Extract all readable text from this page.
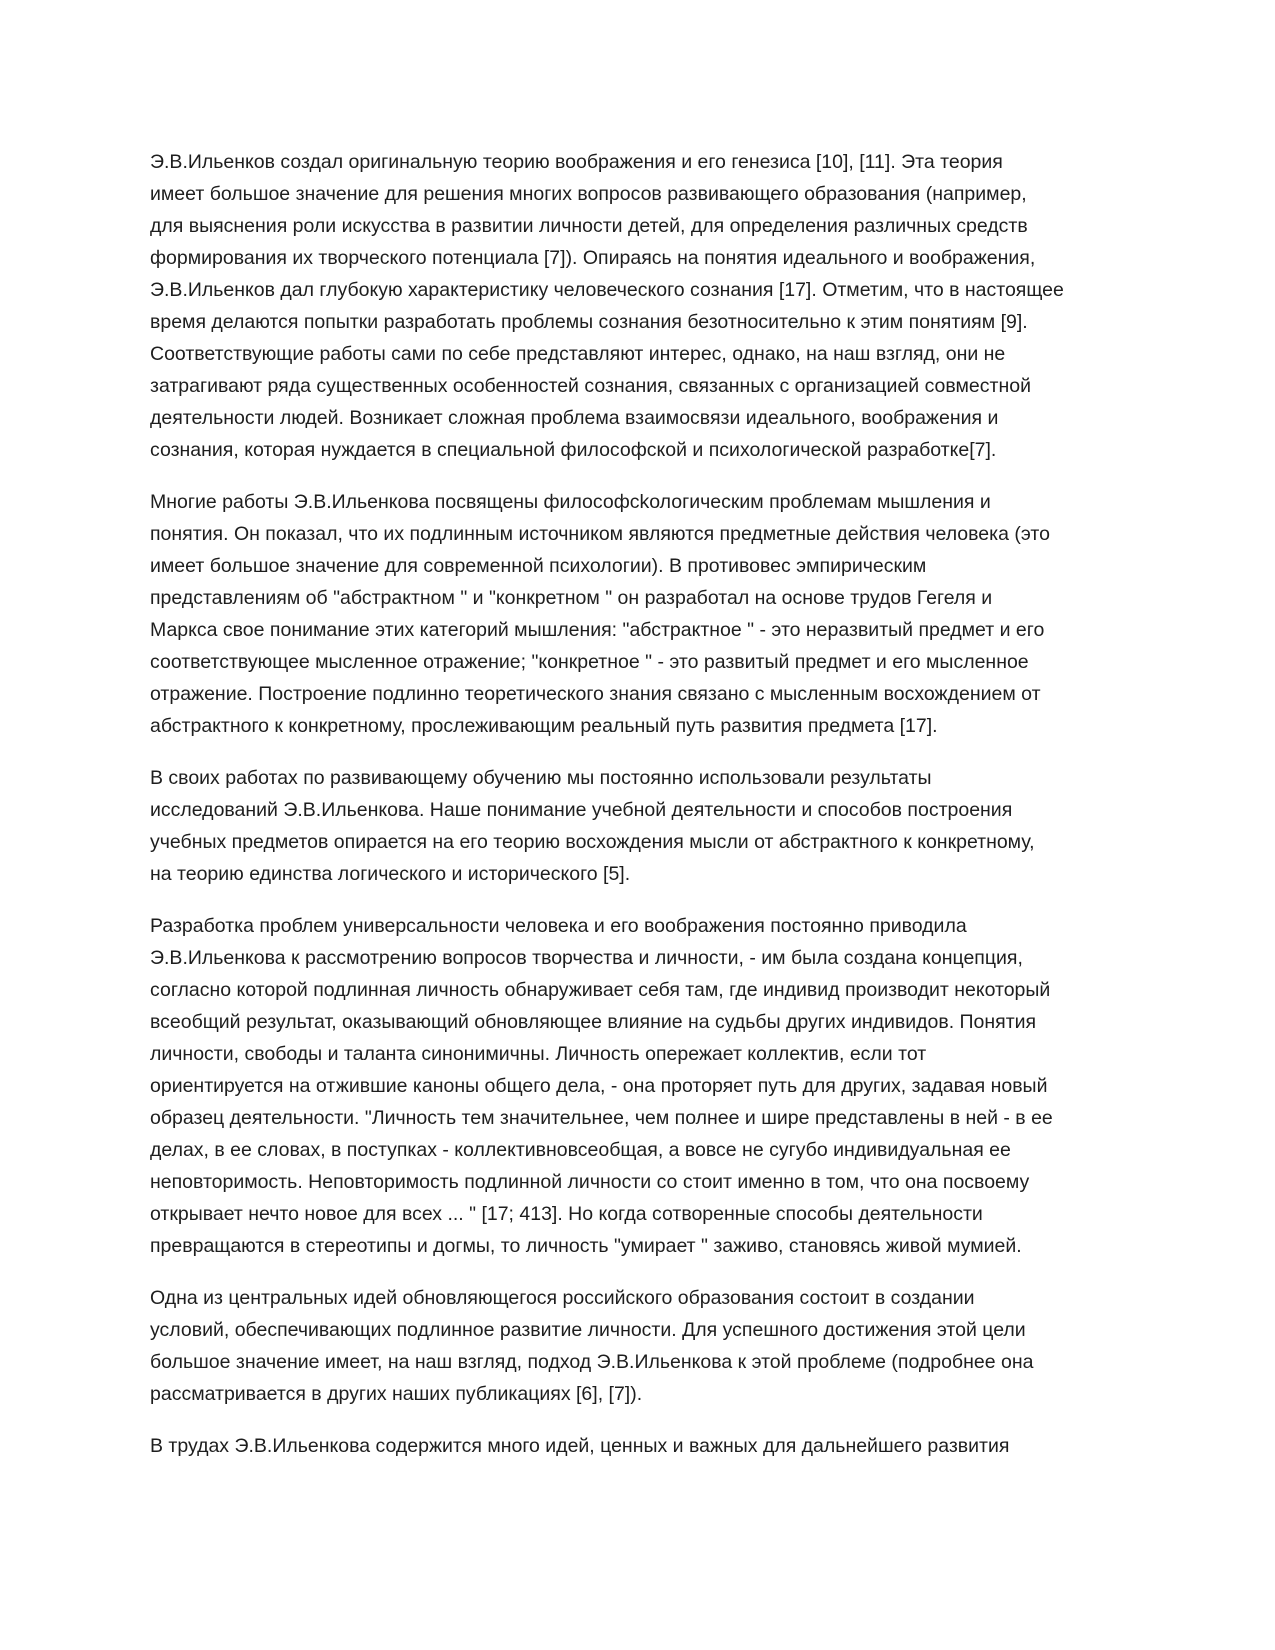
Э.В.Ильенков создал оригинальную теорию воображения и его генезиса [10], [11]. Эта теория
имеет большое значение для решения многих вопросов развивающего образования (например,
для выяснения роли искусства в развитии личности детей, для определения различных средств
формирования их творческого потенциала [7]). Опираясь на понятия идеального и воображения,
Э.В.Ильенков дал глубокую характеристику человеческого сознания [17]. Отметим, что в настоящее
время делаются попытки разработать проблемы сознания безотносительно к этим понятиям [9].
Соответствующие работы сами по себе представляют интерес, однако, на наш взгляд, они не
затрагивают ряда существенных особенностей сознания, связанных с организацией совместной
деятельности людей. Возникает сложная проблема взаимосвязи идеального, воображения и
сознания, которая нуждается в специальной философской и психологической разработке[7].

Многие работы Э.В.Ильенкова посвящены философсkологическим проблемам мышления и
понятия. Он показал, что их подлинным источником являются предметные действия человека (это
имеет большое значение для современной психологии). В противовес эмпирическим
представлениям об "абстрактном " и "конкретном " он разработал на основе трудов Гегеля и
Маркса свое понимание этих категорий мышления: "абстрактное " - это неразвитый предмет и его
соответствующее мысленное отражение; "конкретное " - это развитый предмет и его мысленное
отражение. Построение подлинно теоретического знания связано с мысленным восхождением от
абстрактного к конкретному, прослеживающим реальный путь развития предмета [17].

В своих работах по развивающему обучению мы постоянно использовали результаты
исследований Э.В.Ильенкова. Наше понимание учебной деятельности и способов построения
учебных предметов опирается на его теорию восхождения мысли от абстрактного к конкретному,
на теорию единства логического и исторического [5].

Разработка проблем универсальности человека и его воображения постоянно приводила
Э.В.Ильенкова к рассмотрению вопросов творчества и личности, - им была создана концепция,
согласно которой подлинная личность обнаруживает себя там, где индивид производит некоторый
всеобщий результат, оказывающий обновляющее влияние на судьбы других индивидов. Понятия
личности, свободы и таланта синонимичны. Личность опережает коллектив, если тот
ориентируется на отжившие каноны общего дела, - она проторяет путь для других, задавая новый
образец деятельности. "Личность тем значительнее, чем полнее и шире представлены в ней - в ее
делах, в ее словах, в поступках - коллективновсеобщая, а вовсе не сугубо индивидуальная ее
неповторимость. Неповторимость подлинной личности со стоит именно в том, что она посвоему
открывает нечто новое для всех ... " [17; 413]. Но когда сотворенные способы деятельности
превращаются в стереотипы и догмы, то личность "умирает " заживо, становясь живой мумией.

Одна из центральных идей обновляющегося российского образования состоит в создании
условий, обеспечивающих подлинное развитие личности. Для успешного достижения этой цели
большое значение имеет, на наш взгляд, подход Э.В.Ильенкова к этой проблеме (подробнее она
рассматривается в других наших публикациях [6], [7]).

В трудах Э.В.Ильенкова содержится много идей, ценных и важных для дальнейшего развития
